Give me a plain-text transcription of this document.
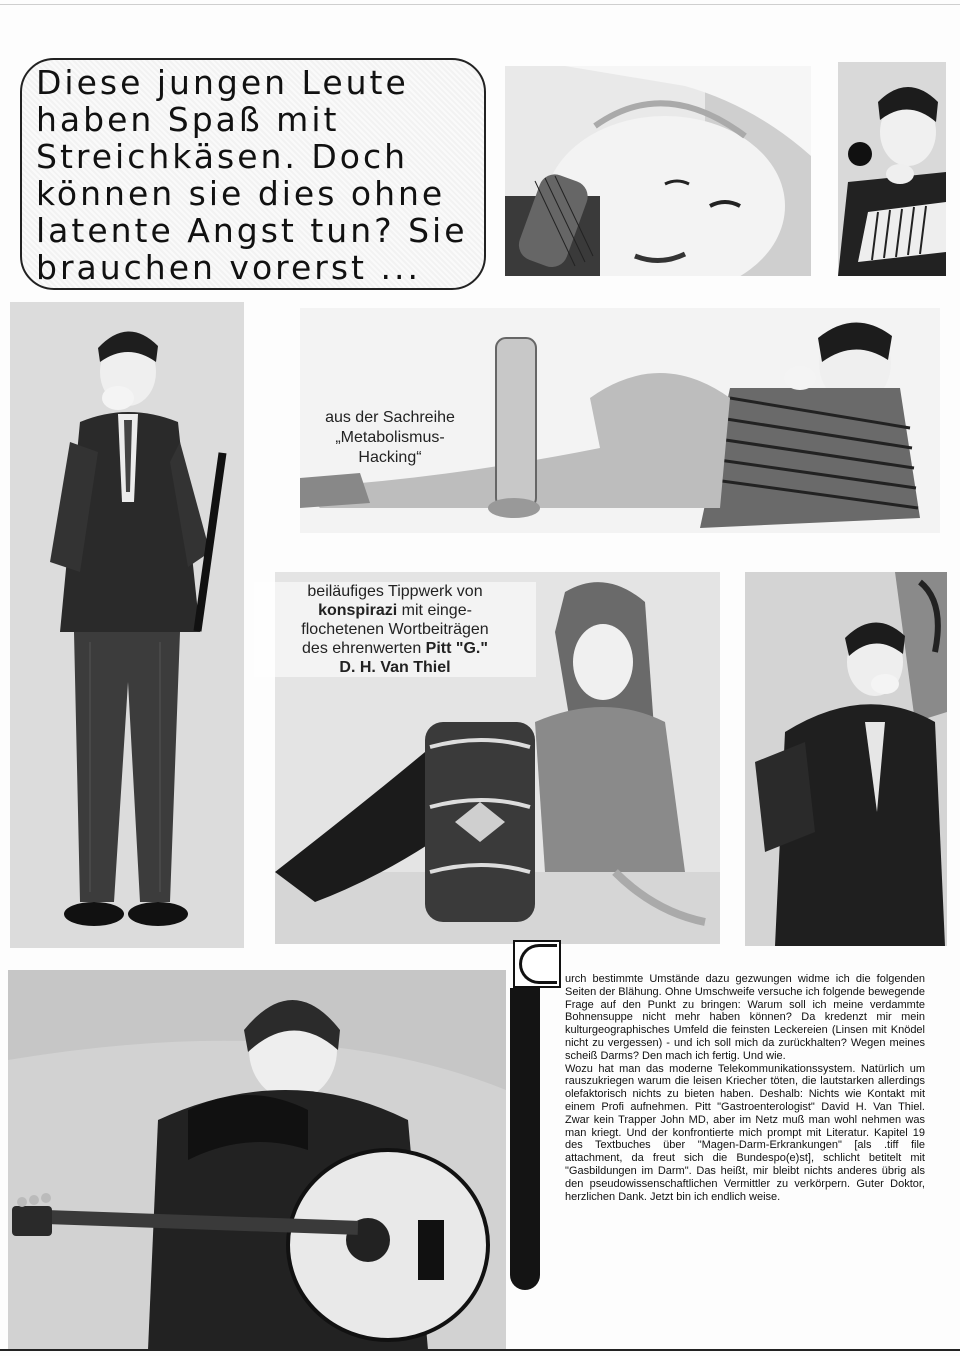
Diese jungen Leute
haben Spaß mit
Streichkäsen. Doch
können sie dies ohne
latente Angst tun? Sie
brauchen vorerst ...
aus der Sachreihe
„Metabolismus-
Hacking“
beiläufiges Tippwerk von
konspirazi mit einge-
flochetenen Wortbeiträgen
des ehrenwerten Pitt "G."
D. H. Van Thiel

urch bestimmte Umstände dazu gezwungen widme ich die folgenden Seiten der Blähung. Ohne Umschweife versuche ich folgende bewegende Frage auf den Punkt zu bringen: Warum soll ich meine verdammte Bohnensuppe nicht mehr haben können? Da kredenzt mir mein kulturgeographisches Umfeld die feinsten Leckereien (Linsen mit Knödel nicht zu vergessen) - und ich soll mich da zurückhalten? Wegen meines scheiß Darms? Den mach ich fertig. Und wie.

Wozu hat man das moderne Telekommunikationssystem. Natürlich um rauszukriegen warum die leisen Kriecher töten, die lautstarken allerdings olefaktorisch nichts zu bieten haben. Deshalb: Nichts wie Kontakt mit einem Profi aufnehmen. Pitt "Gastroenterologist" David H. Van Thiel. Zwar kein Trapper John MD, aber im Netz muß man wohl nehmen was man kriegt. Und der konfrontierte mich prompt mit Literatur. Kapitel 19 des Textbuches über "Magen-Darm-Erkrankungen" [als .tiff file attachment, da freut sich die Bundespo(e)st], schlicht betitelt mit "Gasbildungen im Darm". Das heißt, mir bleibt nichts anderes übrig als den pseudowissenschaftlichen Vermittler zu verkörpern. Guter Doktor, herzlichen Dank. Jetzt bin ich endlich weise.
